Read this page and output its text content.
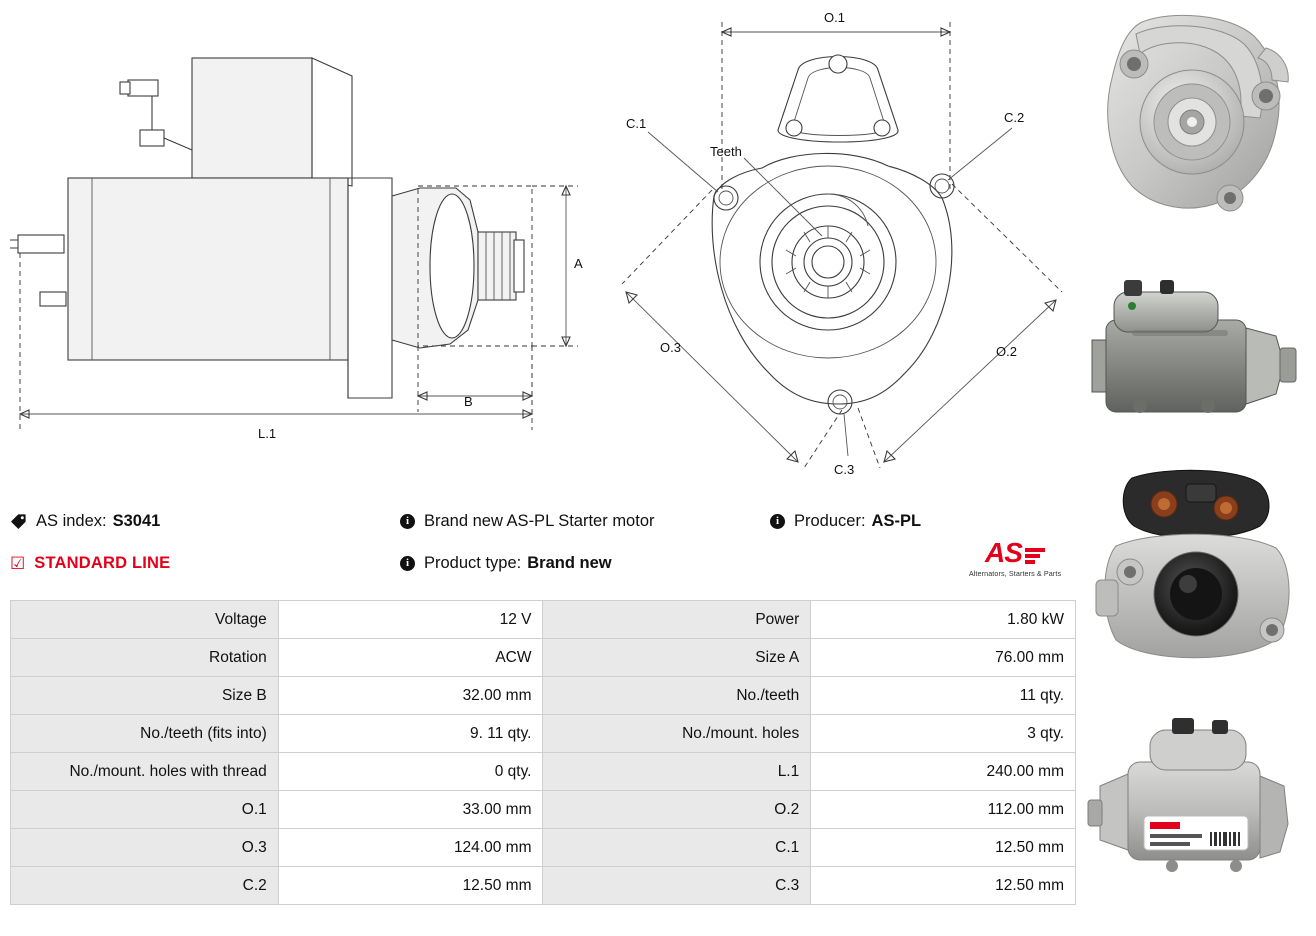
A
B
L.1
O.1
C.1	C.2
C.3
Teeth
O.3	O.2
AS index: S3041	i Brand new AS-PL Starter motor	i Producer: AS-PL
☑ STANDARD LINE	i Product type: Brand new	AS
Alternators, Starters & Parts
Voltage	12 V	Power	1.80 kW
Rotation	ACW	Size A	76.00 mm
Size B	32.00 mm	No./teeth	11 qty.
No./teeth (fits into)	9. 11 qty.	No./mount. holes	3 qty.
No./mount. holes with thread	0 qty.	L.1	240.00 mm
O.1	33.00 mm	O.2	112.00 mm
O.3	124.00 mm	C.1	12.50 mm
C.2	12.50 mm	C.3	12.50 mm
